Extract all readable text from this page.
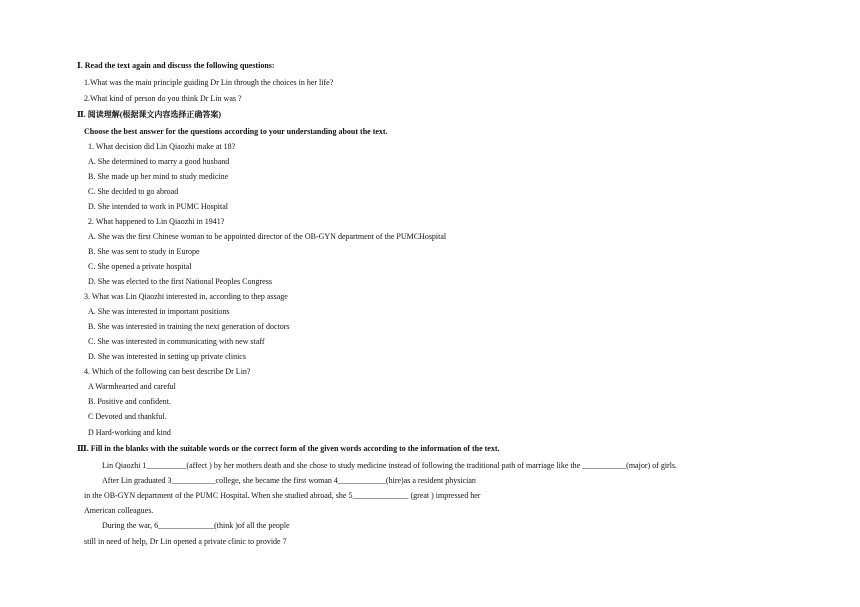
Ⅰ. Read the text again and discuss the following questions:
1.What was the main principle guiding Dr Lin through the choices in her life?
2.What kind of person do you think Dr Lin was ?
Ⅱ. 阅读理解(根据课文内容选择正确答案)
Choose the best answer for the questions according to your understanding about the text.
1. What decision did Lin Qiaozhi make at 18?
A. She determined to marry a good husband
B. She made up her mind to study medicine
C. She decided to go abroad
D. She intended to work in PUMC Hospital
2. What happened to Lin Qiaozhi in 1941?
A. She was the first Chinese woman to be appointed director of the OB-GYN department of the PUMCHospital
B. She was sent to study in Europe
C. She opened a private hospital
D. She was elected to the first National Peoples Congress
3. What was Lin Qiaozhi interested in, according to thep assage
A. She was interested in important positions
B. She was interested in training the next generation of doctors
C. She was interested in communicating with new staff
D. She was interested in setting up private clinics
4. Which of the following can best describe Dr Lin?
A Warmhearted and careful
B. Positive and confident.
C Devoted and thankful.
D Hard-working and kind
Ⅲ. Fill in the blanks with the suitable words or the correct form of the given words according to the information of the text.
Lin Qiaozhi 1__________(affect ) by her mothers death and she chose to study medicine instead of following the traditional path of marriage like the ___________(major) of girls.
After Lin graduated 3___________college, she became the first woman 4____________(hire)as a resident physician
in the OB-GYN department of the PUMC Hospital. When she studied abroad, she 5______________ (great ) impressed her
American colleagues.
During the war, 6______________(think )of all the people
still in need of help, Dr Lin opened a private clinic to provide 7
